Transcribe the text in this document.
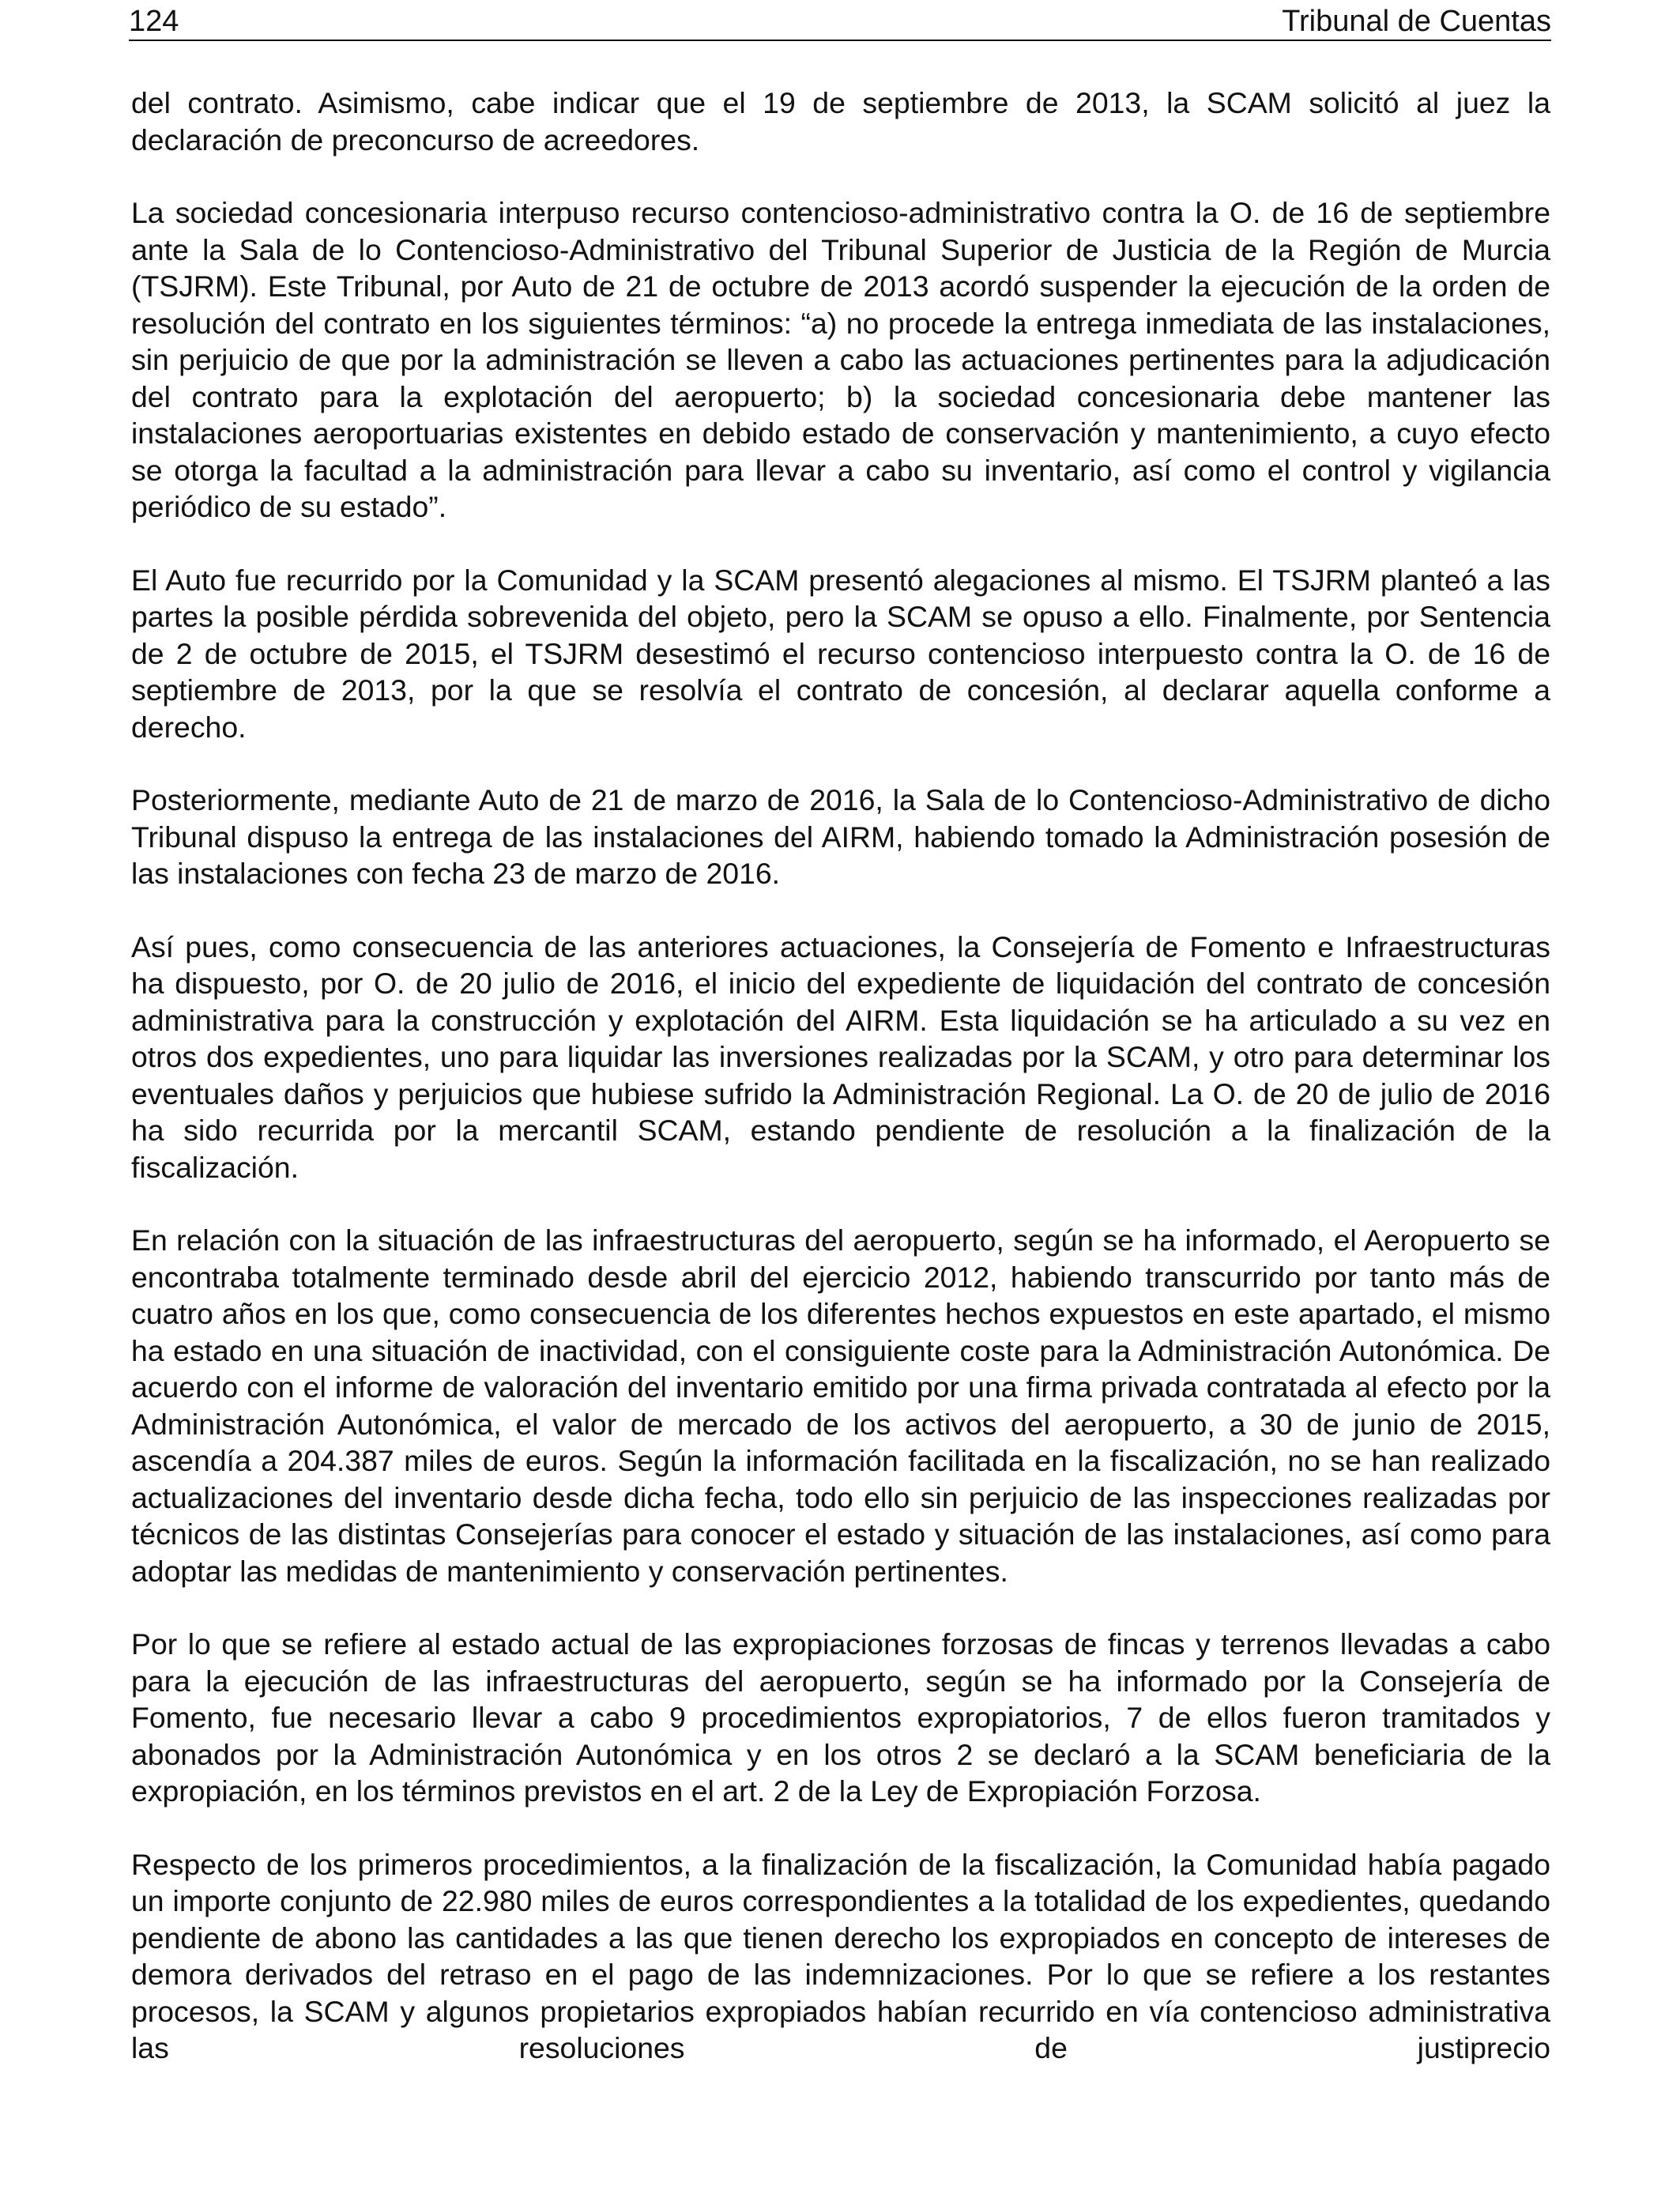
124	Tribunal de Cuentas

del contrato. Asimismo, cabe indicar que el 19 de septiembre de 2013, la SCAM solicitó al juez la declaración de preconcurso de acreedores.

La sociedad concesionaria interpuso recurso contencioso-administrativo contra la O. de 16 de septiembre ante la Sala de lo Contencioso-Administrativo del Tribunal Superior de Justicia de la Región de Murcia (TSJRM). Este Tribunal, por Auto de 21 de octubre de 2013 acordó suspender la ejecución de la orden de resolución del contrato en los siguientes términos: “a) no procede la entrega inmediata de las instalaciones, sin perjuicio de que por la administración se lleven a cabo las actuaciones pertinentes para la adjudicación del contrato para la explotación del aeropuerto; b) la sociedad concesionaria debe mantener las instalaciones aeroportuarias existentes en debido estado de conservación y mantenimiento, a cuyo efecto se otorga la facultad a la administración para llevar a cabo su inventario, así como el control y vigilancia periódico de su estado”.

El Auto fue recurrido por la Comunidad y la SCAM presentó alegaciones al mismo. El TSJRM planteó a las partes la posible pérdida sobrevenida del objeto, pero la SCAM se opuso a ello. Finalmente, por Sentencia de 2 de octubre de 2015, el TSJRM desestimó el recurso contencioso interpuesto contra la O. de 16 de septiembre de 2013, por la que se resolvía el contrato de concesión, al declarar aquella conforme a derecho.

Posteriormente, mediante Auto de 21 de marzo de 2016, la Sala de lo Contencioso-Administrativo de dicho Tribunal dispuso la entrega de las instalaciones del AIRM, habiendo tomado la Administración posesión de las instalaciones con fecha 23 de marzo de 2016.

Así pues, como consecuencia de las anteriores actuaciones, la Consejería de Fomento e Infraestructuras ha dispuesto, por O. de 20 julio de 2016, el inicio del expediente de liquidación del contrato de concesión administrativa para la construcción y explotación del AIRM. Esta liquidación se ha articulado a su vez en otros dos expedientes, uno para liquidar las inversiones realizadas por la SCAM, y otro para determinar los eventuales daños y perjuicios que hubiese sufrido la Administración Regional. La O. de 20 de julio de 2016 ha sido recurrida por la mercantil SCAM, estando pendiente de resolución a la finalización de la fiscalización.

En relación con la situación de las infraestructuras del aeropuerto, según se ha informado, el Aeropuerto se encontraba totalmente terminado desde abril del ejercicio 2012, habiendo transcurrido por tanto más de cuatro años en los que, como consecuencia de los diferentes hechos expuestos en este apartado, el mismo ha estado en una situación de inactividad, con el consiguiente coste para la Administración Autonómica. De acuerdo con el informe de valoración del inventario emitido por una firma privada contratada al efecto por la Administración Autonómica, el valor de mercado de los activos del aeropuerto, a 30 de junio de 2015, ascendía a 204.387 miles de euros. Según la información facilitada en la fiscalización, no se han realizado actualizaciones del inventario desde dicha fecha, todo ello sin perjuicio de las inspecciones realizadas por técnicos de las distintas Consejerías para conocer el estado y situación de las instalaciones, así como para adoptar las medidas de mantenimiento y conservación pertinentes.

Por lo que se refiere al estado actual de las expropiaciones forzosas de fincas y terrenos llevadas a cabo para la ejecución de las infraestructuras del aeropuerto, según se ha informado por la Consejería de Fomento, fue necesario llevar a cabo 9 procedimientos expropiatorios, 7 de ellos fueron tramitados y abonados por la Administración Autonómica y en los otros 2 se declaró a la SCAM beneficiaria de la expropiación, en los términos previstos en el art. 2 de la Ley de Expropiación Forzosa.

Respecto de los primeros procedimientos, a la finalización de la fiscalización, la Comunidad había pagado un importe conjunto de 22.980 miles de euros correspondientes a la totalidad de los expedientes, quedando pendiente de abono las cantidades a las que tienen derecho los expropiados en concepto de intereses de demora derivados del retraso en el pago de las indemnizaciones. Por lo que se refiere a los restantes procesos, la SCAM y algunos propietarios expropiados habían recurrido en vía contencioso administrativa las resoluciones de justiprecio
